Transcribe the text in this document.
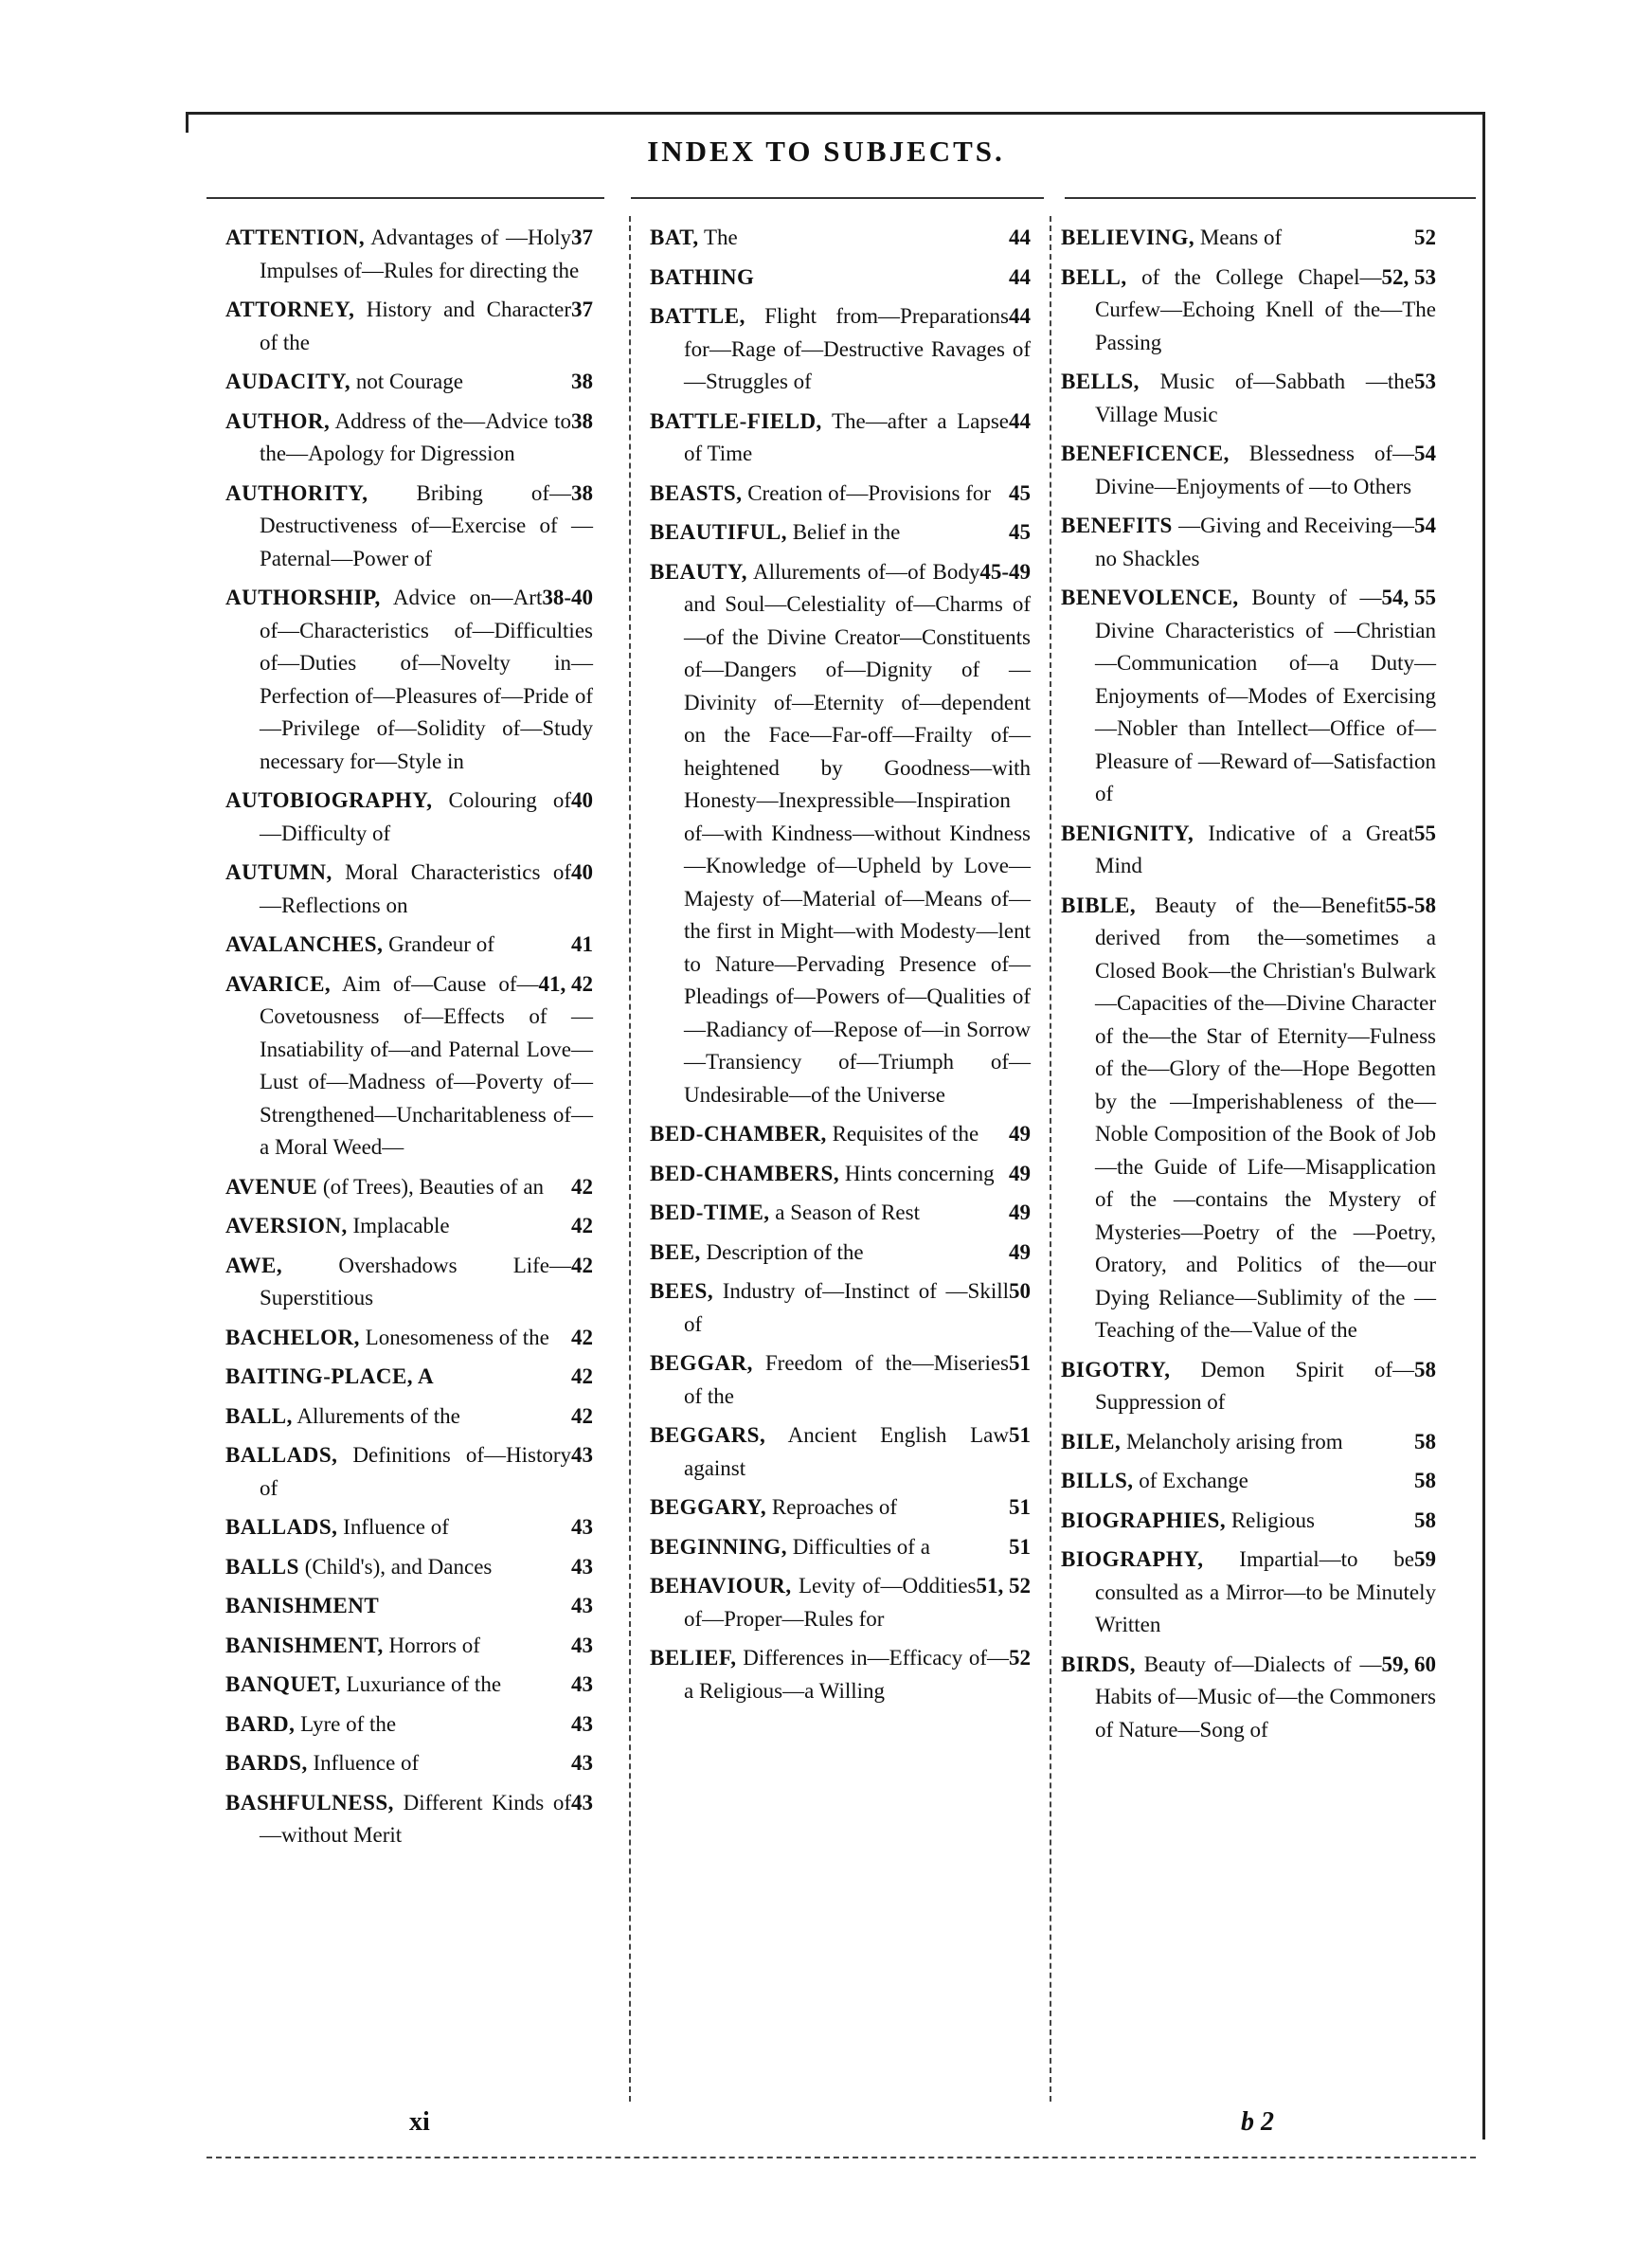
INDEX TO SUBJECTS.
37
ATTENTION, Advantages of —Holy Impulses of—Rules for directing the
37
ATTORNEY, History and Character of the
38
AUDACITY, not Courage
38
AUTHOR, Address of the—Advice to the—Apology for Digression
38
AUTHORITY, Bribing of—Destructiveness of—Exercise of —Paternal—Power of
38-40
AUTHORSHIP, Advice on—Art of—Characteristics of—Difficulties of—Duties of—Novelty in—Perfection of—Pleasures of—Pride of—Privilege of—Solidity of—Study necessary for—Style in
40
AUTOBIOGRAPHY, Colouring of—Difficulty of
40
AUTUMN, Moral Characteristics of—Reflections on
41
AVALANCHES, Grandeur of
41, 42
AVARICE, Aim of—Cause of—Covetousness of—Effects of —Insatiability of—and Paternal Love—Lust of—Madness of—Poverty of—Strengthened—Uncharitableness of—a Moral Weed—
42
AVENUE (of Trees), Beauties of an
42
AVERSION, Implacable
42
AWE,	Overshadows Life—Superstitious
42
BACHELOR, Lonesomeness of the
42
BAITING-PLACE, A
42
BALL, Allurements of the
43
BALLADS, Definitions of—History of
43
BALLADS, Influence of
43
BALLS (Child's), and Dances
43
BANISHMENT
43
BANISHMENT, Horrors of
43
BANQUET, Luxuriance of the
43
BARD, Lyre of the
43
BARDS, Influence of
43
BASHFULNESS, Different Kinds of—without Merit
44
BAT, The
44
BATHING
44
BATTLE, Flight from—Preparations for—Rage of—Destructive Ravages of—Struggles of
44
BATTLE-FIELD, The—after a Lapse of Time
45
BEASTS, Creation of—Provisions for
45
BEAUTIFUL, Belief in the
45-49
BEAUTY, Allurements of—of Body and Soul—Celestiality of—Charms of—of the Divine Creator—Constituents of—Dangers of—Dignity of —Divinity of—Eternity of—dependent on the Face—Far-off—Frailty of—heightened by Goodness—with Honesty—Inexpressible—Inspiration of—with Kindness—without Kindness—Knowledge of—Upheld by Love—Majesty of—Material of—Means of—the first in Might—with Modesty—lent to Nature—Pervading Presence of—Pleadings of—Powers of—Qualities of—Radiancy of—Repose of—in Sorrow—Transiency of—Triumph of—Undesirable—of the Universe
49
BED-CHAMBER, Requisites of the
49
BED-CHAMBERS, Hints concerning
49
BED-TIME, a Season of Rest
49
BEE, Description of the
50
BEES, Industry of—Instinct of —Skill of
51
BEGGAR, Freedom of the—Miseries of the
51
BEGGARS, Ancient English Law against
51
BEGGARY, Reproaches of
51
BEGINNING, Difficulties of a
51, 52
BEHAVIOUR, Levity of—Oddities of—Proper—Rules for
52
BELIEF, Differences in—Efficacy of—a Religious—a Willing
52
BELIEVING, Means of
52, 53
BELL, of the College Chapel—Curfew—Echoing Knell of the—The Passing
53
BELLS, Music of—Sabbath —the Village Music
54
BENEFICENCE, Blessedness of—Divine—Enjoyments of —to Others
54
BENEFITS —Giving and Receiving—no Shackles
54, 55
BENEVOLENCE, Bounty of —Divine Characteristics of —Christian—Communication of—a Duty—Enjoyments of—Modes of Exercising—Nobler than Intellect—Office of—Pleasure of —Reward of—Satisfaction of
55
BENIGNITY, Indicative of a Great Mind
55-58
BIBLE, Beauty of the—Benefit derived from the—sometimes a Closed Book—the Christian's Bulwark—Capacities of the—Divine Character of the—the Star of Eternity—Fulness of the—Glory of the—Hope Begotten by the —Imperishableness of the—Noble Composition of the Book of Job—the Guide of Life—Misapplication of the —contains the Mystery of Mysteries—Poetry of the —Poetry, Oratory, and Politics of the—our Dying Reliance—Sublimity of the —Teaching of the—Value of the
58
BIGOTRY, Demon Spirit of—Suppression of
58
BILE, Melancholy arising from
58
BILLS, of Exchange
58
BIOGRAPHIES, Religious
59
BIOGRAPHY, Impartial—to be consulted as a Mirror—to be Minutely Written
59, 60
BIRDS, Beauty of—Dialects of —Habits of—Music of—the Commoners of Nature—Song of
xi	b 2
